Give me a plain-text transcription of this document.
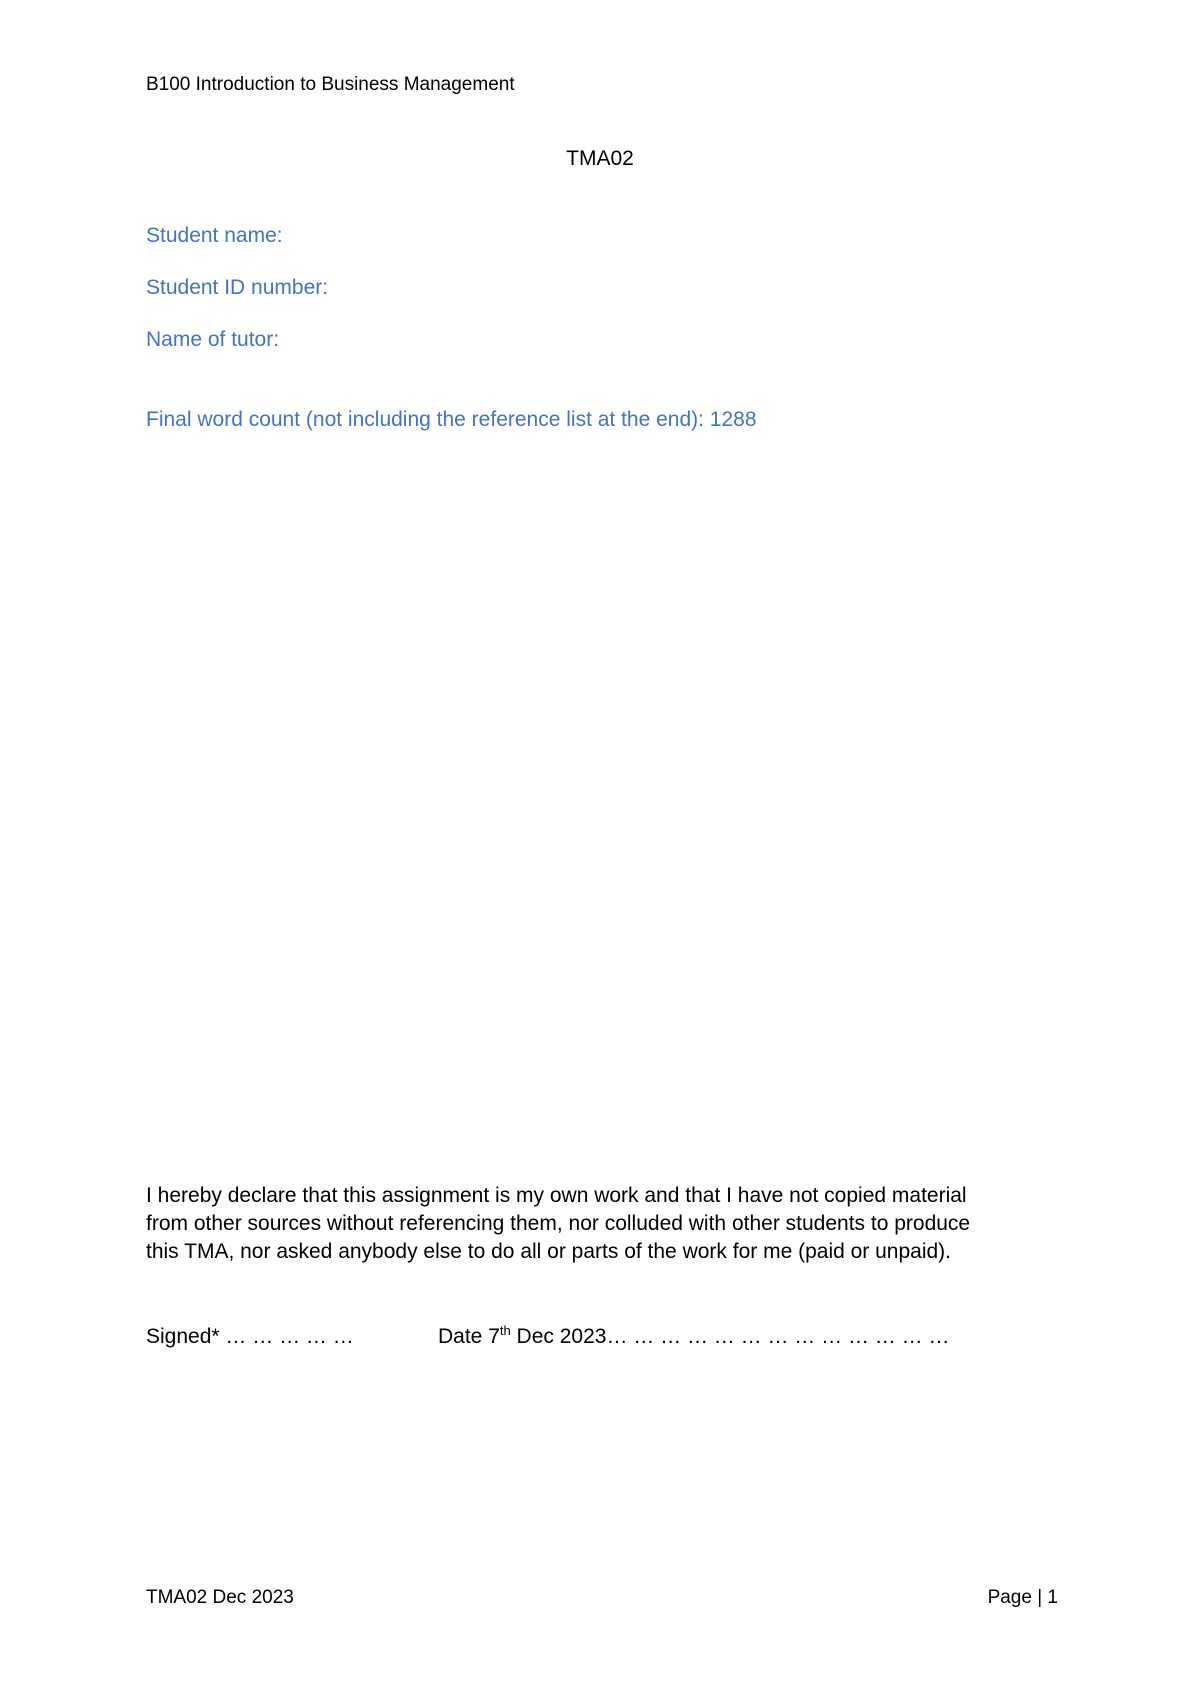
B100 Introduction to Business Management
TMA02
Student name:
Student ID number:
Name of tutor:
Final word count (not including the reference list at the end): 1288
I hereby declare that this assignment is my own work and that I have not copied material
from other sources without referencing them, nor colluded with other students to produce
this TMA, nor asked anybody else to do all or parts of the work for me (paid or unpaid).
Signed* … … … … …	Date 7th Dec 2023… … … … … … … … … … … … …
TMA02 Dec 2023	Page | 1
